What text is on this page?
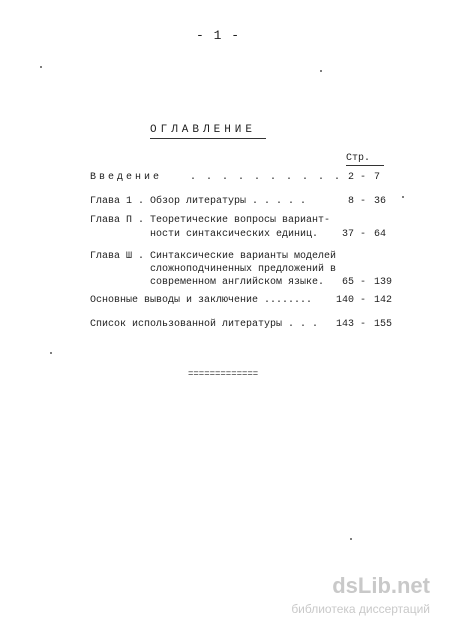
- 1 -
ОГЛАВЛЕНИЕ
Стр.
Введение	. . . . . . . . . . 2 - 7
Глава 1 . Обзор литературы . . . . .	8 - 36
Глава П . Теоретические вопросы вариант-
ности синтаксических единиц.	37 - 64
Глава Ш . Синтаксические варианты моделей
сложноподчиненных предложений в
современном английском языке.	65 - 139
Основные выводы и заключение ........	140 - 142
Список использованной литературы . . .	143 - 155
=============
dsLib.net
библиотека диссертаций
